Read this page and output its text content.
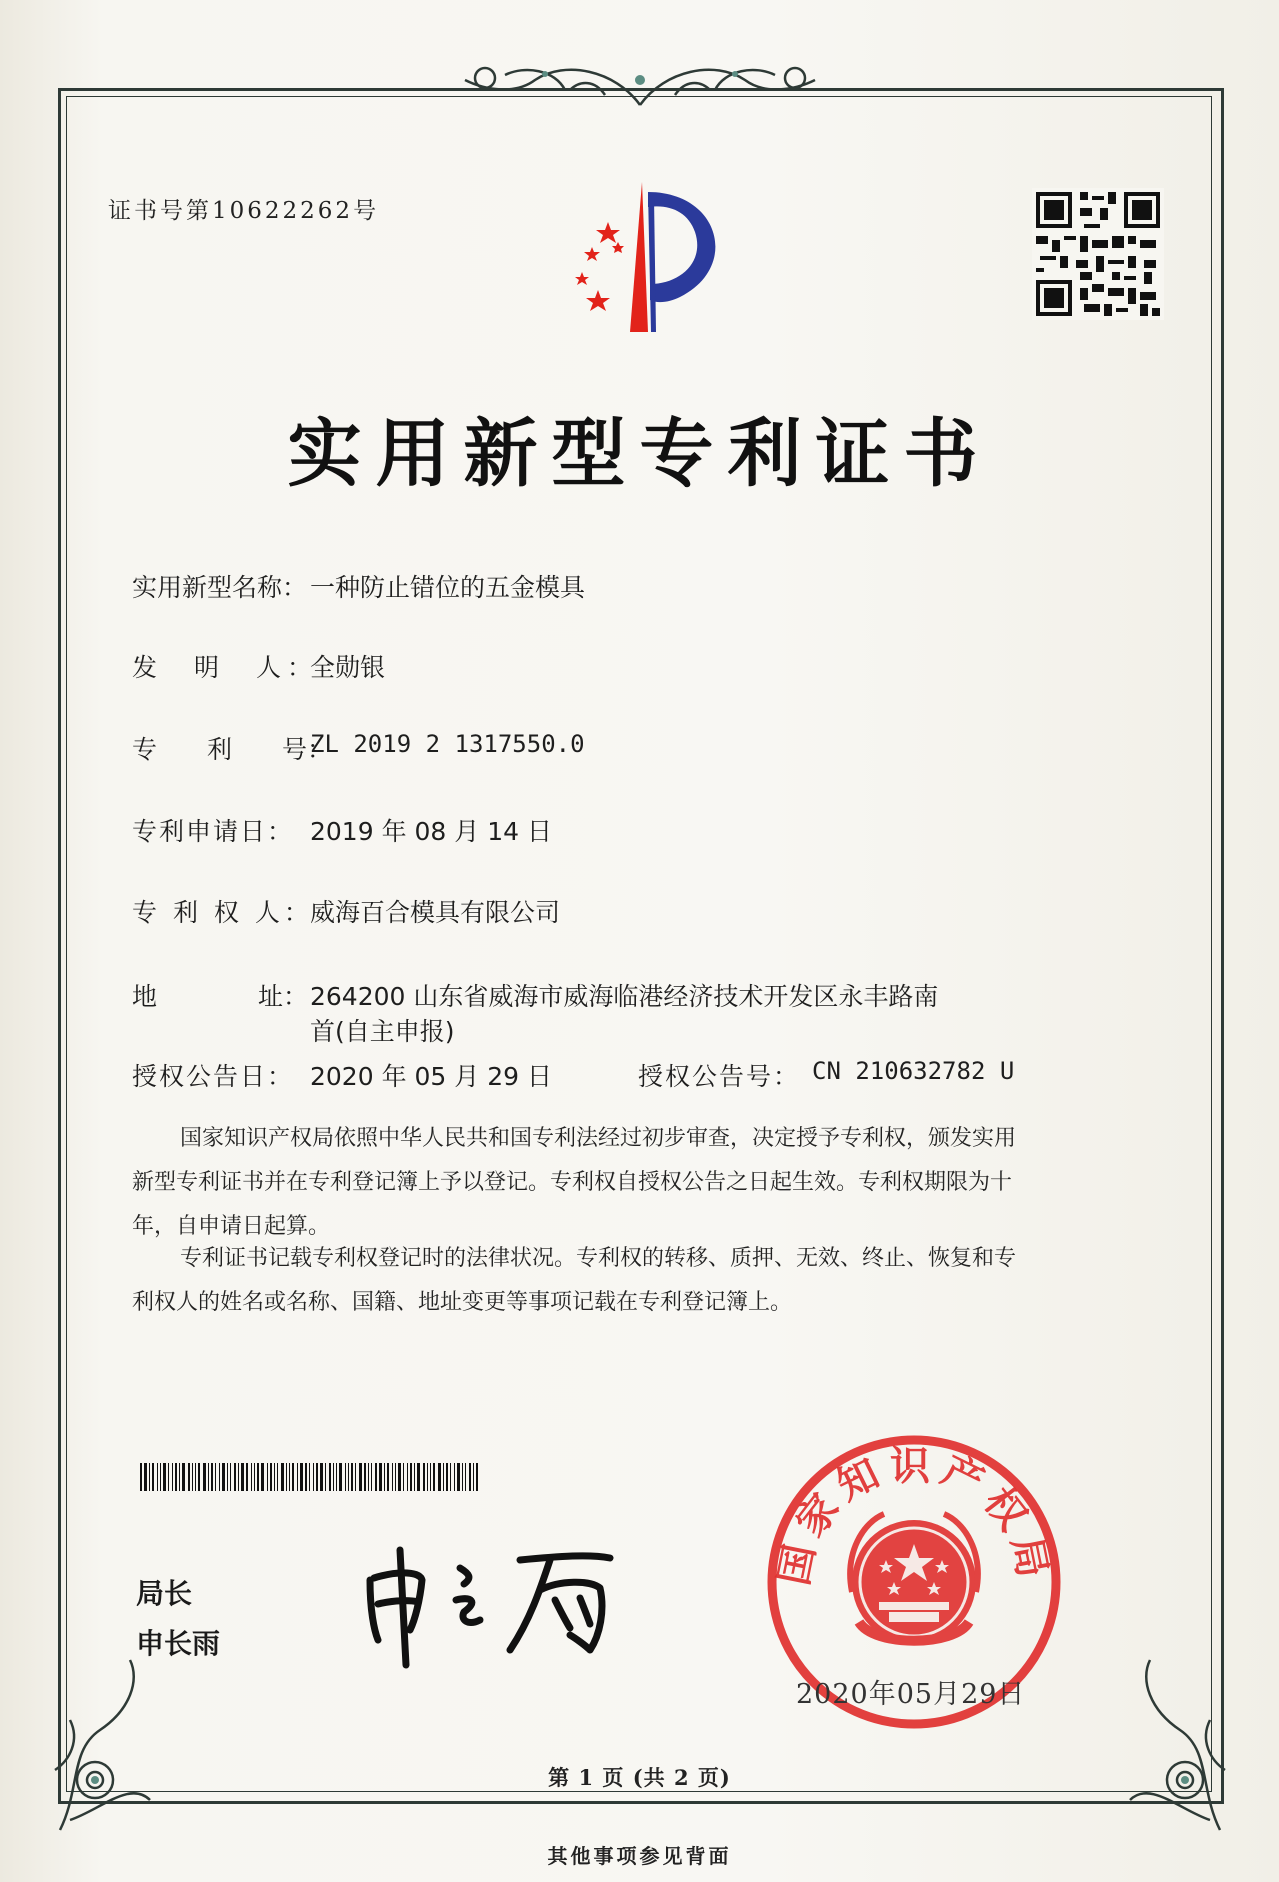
证书号第10622262号
实用新型专利证书
实用新型名称： 一种防止错位的五金模具
发　明　人：
全勋银
专　　利　　号：
ZL 2019 2 1317550.0
专利申请日： 2019 年 08 月 14 日
专 利 权 人：
威海百合模具有限公司
地	址： 264200 山东省威海市威海临港经济技术开发区永丰路南
首(自主申报)
授权公告日： 2020 年 05 月 29 日	授权公告号： CN 210632782 U
国家知识产权局依照中华人民共和国专利法经过初步审查，决定授予专利权，颁发实用
新型专利证书并在专利登记簿上予以登记。专利权自授权公告之日起生效。专利权期限为十
年，自申请日起算。
专利证书记载专利权登记时的法律状况。专利权的转移、质押、无效、终止、恢复和专
利权人的姓名或名称、国籍、地址变更等事项记载在专利登记簿上。
局长
申长雨
国家知识产权局
2020年05月29日
第 1 页 (共 2 页)
其他事项参见背面
